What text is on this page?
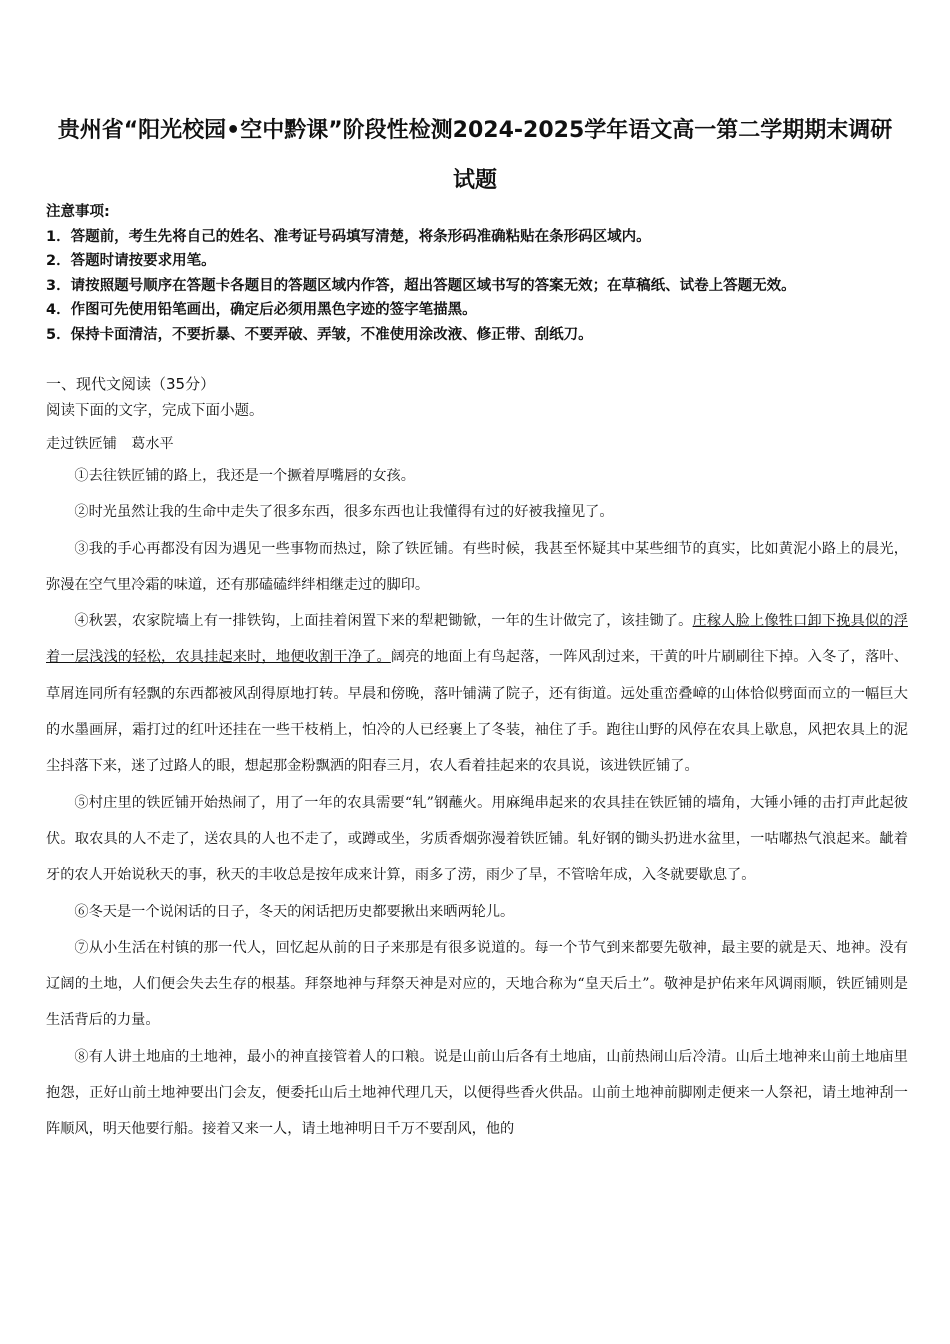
贵州省“阳光校园•空中黔课”阶段性检测2024-2025学年语文高一第二学期期末调研
试题
注意事项:
1．答题前，考生先将自己的姓名、准考证号码填写清楚，将条形码准确粘贴在条形码区域内。
2．答题时请按要求用笔。
3．请按照题号顺序在答题卡各题目的答题区域内作答，超出答题区域书写的答案无效；在草稿纸、试卷上答题无效。
4．作图可先使用铅笔画出，确定后必须用黑色字迹的签字笔描黑。
5．保持卡面清洁，不要折暴、不要弄破、弄皱，不准使用涂改液、修正带、刮纸刀。
一、现代文阅读（35分）
阅读下面的文字，完成下面小题。
走过铁匠铺　葛水平

①去往铁匠铺的路上，我还是一个撅着厚嘴唇的女孩。

②时光虽然让我的生命中走失了很多东西，很多东西也让我懂得有过的好被我撞见了。

③我的手心再都没有因为遇见一些事物而热过，除了铁匠铺。有些时候，我甚至怀疑其中某些细节的真实，比如黄泥小路上的晨光，弥漫在空气里冷霜的味道，还有那磕磕绊绊相继走过的脚印。

④秋罢，农家院墙上有一排铁钩，上面挂着闲置下来的犁耙锄锨，一年的生计做完了，该挂锄了。庄稼人脸上像牲口卸下挽具似的浮着一层浅浅的轻松，农具挂起来时，地便收割干净了。阔亮的地面上有鸟起落，一阵风刮过来，干黄的叶片刷刷往下掉。入冬了，落叶、草屑连同所有轻飘的东西都被风刮得原地打转。早晨和傍晚，落叶铺满了院子，还有街道。远处重峦叠嶂的山体恰似劈面而立的一幅巨大的水墨画屏，霜打过的红叶还挂在一些干枝梢上，怕冷的人已经裹上了冬装，袖住了手。跑往山野的风停在农具上歇息，风把农具上的泥尘抖落下来，迷了过路人的眼，想起那金粉飘洒的阳春三月，农人看着挂起来的农具说，该进铁匠铺了。

⑤村庄里的铁匠铺开始热闹了，用了一年的农具需要“轧”钢蘸火。用麻绳串起来的农具挂在铁匠铺的墙角，大锤小锤的击打声此起彼伏。取农具的人不走了，送农具的人也不走了，或蹲或坐，劣质香烟弥漫着铁匠铺。轧好钢的锄头扔进水盆里，一咕嘟热气浪起来。龇着牙的农人开始说秋天的事，秋天的丰收总是按年成来计算，雨多了涝，雨少了旱，不管啥年成，入冬就要歇息了。

⑥冬天是一个说闲话的日子，冬天的闲话把历史都要揪出来晒两轮儿。

⑦从小生活在村镇的那一代人，回忆起从前的日子来那是有很多说道的。每一个节气到来都要先敬神，最主要的就是天、地神。没有辽阔的土地，人们便会失去生存的根基。拜祭地神与拜祭天神是对应的，天地合称为“皇天后土”。敬神是护佑来年风调雨顺，铁匠铺则是生活背后的力量。

⑧有人讲土地庙的土地神，最小的神直接管着人的口粮。说是山前山后各有土地庙，山前热闹山后冷清。山后土地神来山前土地庙里抱怨，正好山前土地神要出门会友，便委托山后土地神代理几天，以便得些香火供品。山前土地神前脚刚走便来一人祭祀，请土地神刮一阵顺风，明天他要行船。接着又来一人，请土地神明日千万不要刮风，他的
